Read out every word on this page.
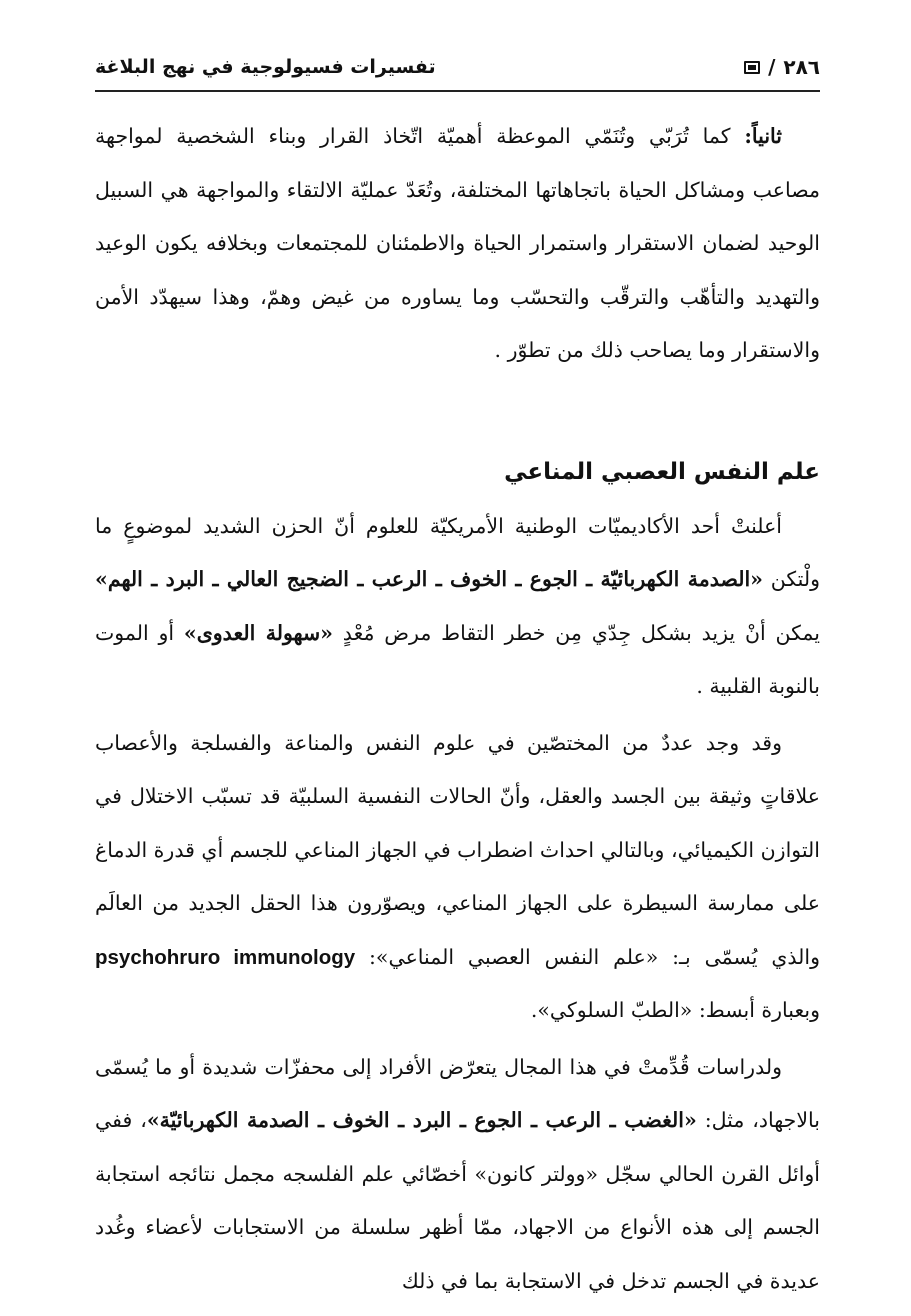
تفسيرات فسيولوجية في نهج البلاغة	٢٨٦
/

ثانياً: كما تُرَبّي وتُنَمّي الموعظة أهميّة اتّخاذ القرار وبناء الشخصية لمواجهة مصاعب ومشاكل الحياة باتجاهاتها المختلفة، وتُعَدّ عمليّة الالتقاء والمواجهة هي السبيل الوحيد لضمان الاستقرار واستمرار الحياة والاطمئنان للمجتمعات وبخلافه يكون الوعيد والتهديد والتأهّب والترقّب والتحسّب وما يساوره من غيض وهمّ، وهذا سيهدّد الأمن والاستقرار وما يصاحب ذلك من تطوّر .

علم النفس العصبي المناعي

أعلنتْ أحد الأكاديميّات الوطنية الأمريكيّة للعلوم أنّ الحزن الشديد لموضوعٍ ما ولْتكن «الصدمة الكهربائيّة ـ الجوع ـ الخوف ـ الرعب ـ الضجيج العالي ـ البرد ـ الهم» يمكن أنْ يزيد بشكل جِدّي مِن خطر التقاط مرض مُعْدٍ «سهولة العدوى» أو الموت بالنوبة القلبية .

وقد وجد عددٌ من المختصّين في علوم النفس والمناعة والفسلجة والأعصاب علاقاتٍ وثيقة بين الجسد والعقل، وأنّ الحالات النفسية السلبيّة قد تسبّب الاختلال في التوازن الكيميائي، وبالتالي احداث اضطراب في الجهاز المناعي للجسم أي قدرة الدماغ على ممارسة السيطرة على الجهاز المناعي، ويصوّرون هذا الحقل الجديد من العالَم والذي يُسمّى بـ: «علم النفس العصبي المناعي»: psychohruro immunology وبعبارة أبسط: «الطبّ السلوكي».

ولدراسات قُدِّمتْ في هذا المجال يتعرّض الأفراد إلى محفزّات شديدة أو ما يُسمّى بالاجهاد، مثل: «الغضب ـ الرعب ـ الجوع ـ البرد ـ الخوف ـ الصدمة الكهربائيّة»، ففي أوائل القرن الحالي سجّل «وولتر كانون» أخصّائي علم الفلسجه مجمل نتائجه استجابة الجسم إلى هذه الأنواع من الاجهاد، ممّا أظهر سلسلة من الاستجابات لأعضاء وغُدد عديدة في الجسم تدخل في الاستجابة بما في ذلك
